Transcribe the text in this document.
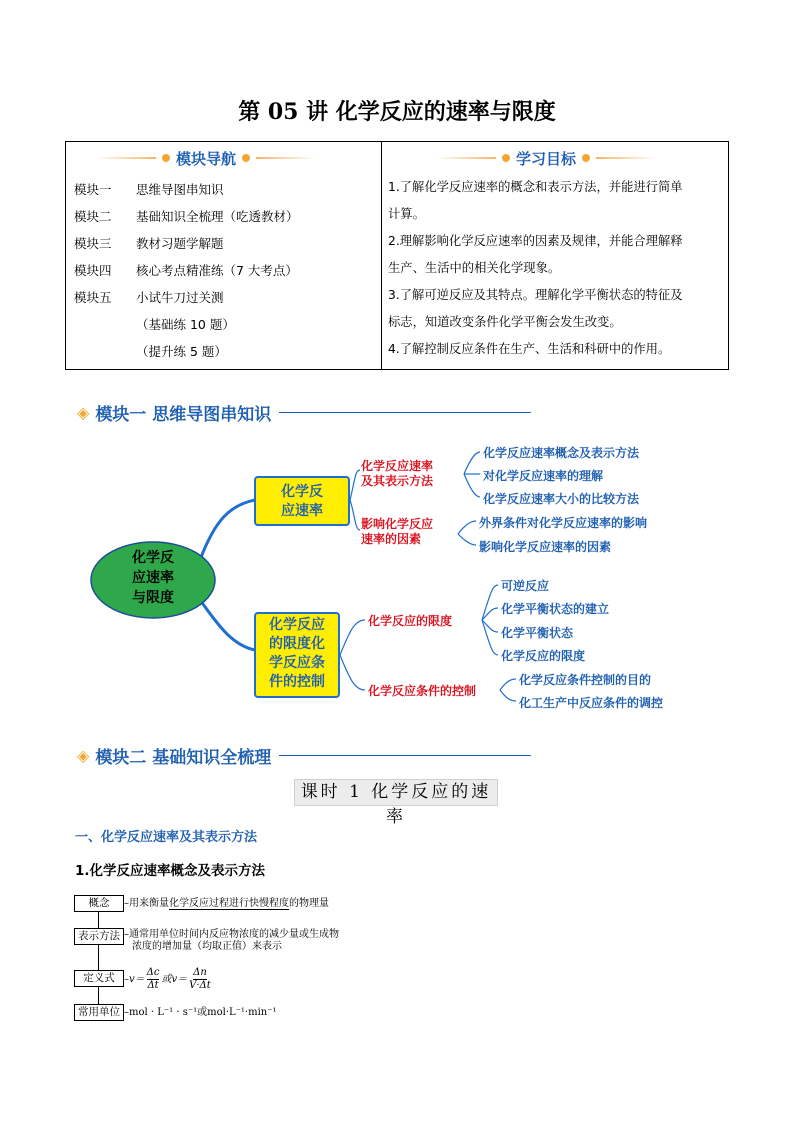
第 05 讲 化学反应的速率与限度
模块导航
模块一 思维导图串知识
模块二 基础知识全梳理（吃透教材）
模块三 教材习题学解题
模块四 核心考点精准练（7 大考点）
模块五 小试牛刀过关测
（基础练 10 题）
（提升练 5 题）
学习目标
1.了解化学反应速率的概念和表示方法，并能进行简单
计算。
2.理解影响化学反应速率的因素及规律，并能合理解释
生产、生活中的相关化学现象。
3.了解可逆反应及其特点。理解化学平衡状态的特征及
标志，知道改变条件化学平衡会发生改变。
4.了解控制反应条件在生产、生活和科研中的作用。
◈ 模块一 思维导图串知识
化学反
应速率
与限度
化学反
应速率
化学反应
的限度化
学反应条
件的控制
化学反应速率
及其表示方法
影响化学反应
速率的因素
化学反应的限度
化学反应条件的控制
化学反应速率概念及表示方法
对化学反应速率的理解
化学反应速率大小的比较方法
外界条件对化学反应速率的影响
影响化学反应速率的因素
可逆反应
化学平衡状态的建立
化学平衡状态
化学反应的限度
化学反应条件控制的目的
化工生产中反应条件的调控
◈ 模块二 基础知识全梳理
课时 1 化学反应的速率
一、化学反应速率及其表示方法
1.化学反应速率概念及表示方法
概念	–用来衡量化学反应过程进行快慢程度的物理量
表示方法 –通常用单位时间内反应物浓度的减少量或生成物
浓度的增加量（均取正值）来表示
定义式 – v＝
Δc
Δt
或v＝
Δn
V·Δt
常用单位 –mol · L⁻¹ · s⁻¹或mol·L⁻¹·min⁻¹
